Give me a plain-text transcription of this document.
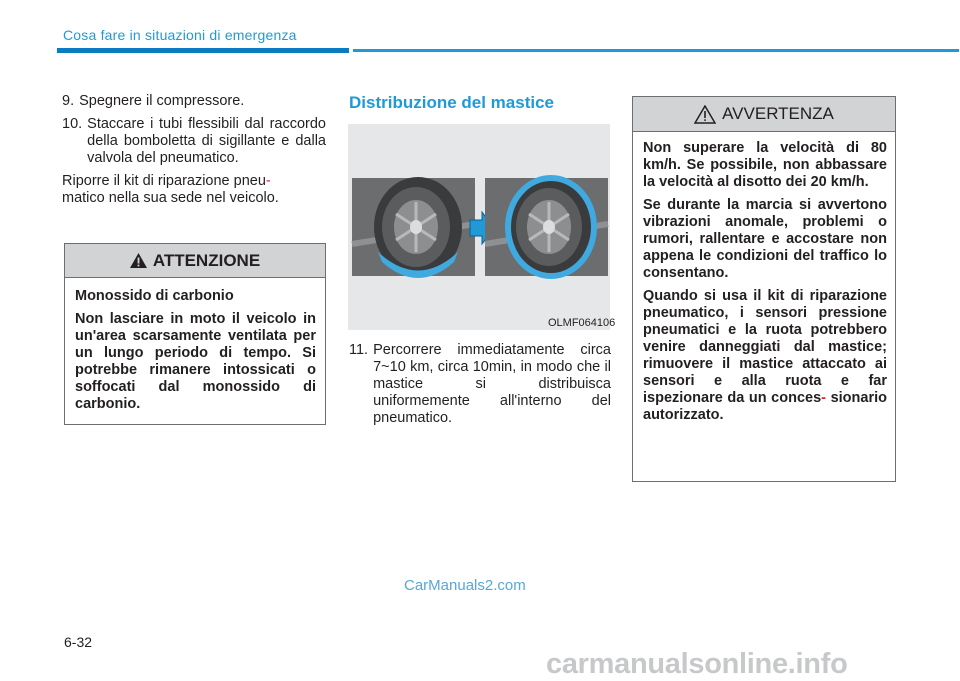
Cosa fare in situazioni di emergenza

9. Spegnere il compressore.

10. Staccare i tubi flessibili dal raccordo della bomboletta di sigillante e dalla valvola del pneumatico.

Riporre il kit di riparazione pneu-
matico nella sua sede nel veicolo.

ATTENZIONE

Monossido di carbonio

Non lasciare in moto il veicolo in un'area scarsamente ventilata per un lungo periodo di tempo. Si potrebbe rimanere intossicati o soffocati dal monossido di carbonio.

Distribuzione del mastice
OLMF064106

11. Percorrere immediatamente circa 7~10 km, circa 10min, in modo che il mastice si distribuisca uniformemente all'interno del pneumatico.

AVVERTENZA

Non superare la velocità di 80 km/h. Se possibile, non abbassare la velocità al disotto dei 20 km/h.

Se durante la marcia si avvertono vibrazioni anomale, problemi o rumori, rallentare e accostare non appena le condizioni del traffico lo consentano.

Quando si usa il kit di riparazione pneumatico, i sensori pressione pneumatici e la ruota potrebbero venire danneggiati dal mastice; rimuovere il mastice attaccato ai sensori e alla ruota e far ispezionare da un conces- sionario autorizzato.

CarManuals2.com
6-32
carmanualsonline.info
